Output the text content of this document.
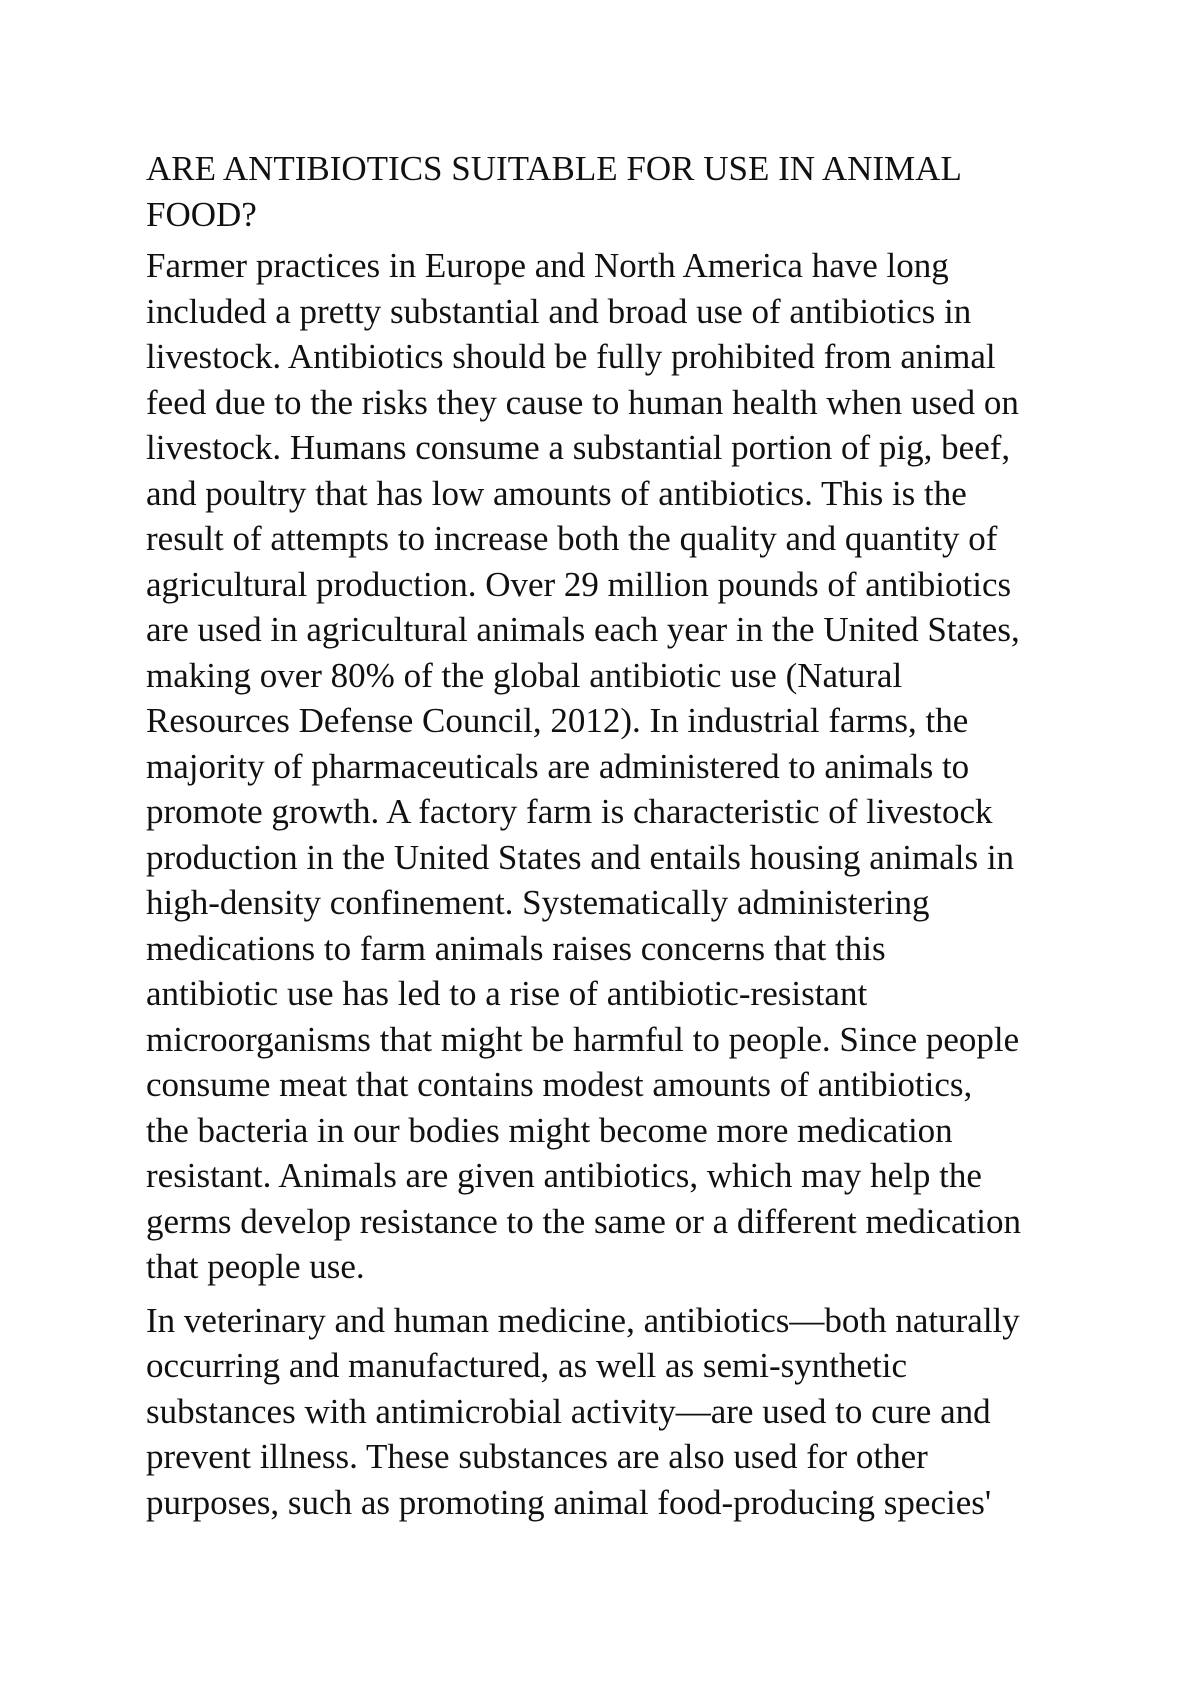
ARE ANTIBIOTICS SUITABLE FOR USE IN ANIMAL
FOOD?

Farmer practices in Europe and North America have long
included a pretty substantial and broad use of antibiotics in
livestock. Antibiotics should be fully prohibited from animal
feed due to the risks they cause to human health when used on
livestock. Humans consume a substantial portion of pig, beef,
and poultry that has low amounts of antibiotics. This is the
result of attempts to increase both the quality and quantity of
agricultural production. Over 29 million pounds of antibiotics
are used in agricultural animals each year in the United States,
making over 80% of the global antibiotic use (Natural
Resources Defense Council, 2012). In industrial farms, the
majority of pharmaceuticals are administered to animals to
promote growth. A factory farm is characteristic of livestock
production in the United States and entails housing animals in
high-density confinement. Systematically administering
medications to farm animals raises concerns that this
antibiotic use has led to a rise of antibiotic-resistant
microorganisms that might be harmful to people. Since people
consume meat that contains modest amounts of antibiotics,
the bacteria in our bodies might become more medication
resistant. Animals are given antibiotics, which may help the
germs develop resistance to the same or a different medication
that people use.

In veterinary and human medicine, antibiotics—both naturally
occurring and manufactured, as well as semi-synthetic
substances with antimicrobial activity—are used to cure and
prevent illness. These substances are also used for other
purposes, such as promoting animal food-producing species'
